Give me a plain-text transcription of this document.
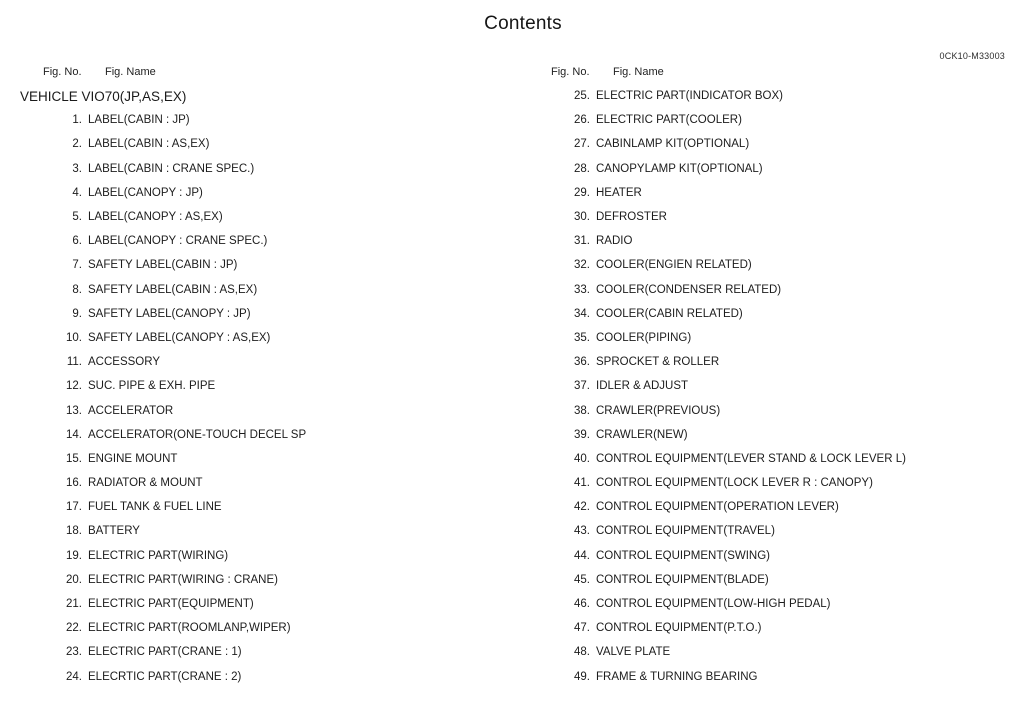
Contents
0CK10-M33003
Fig. No. Fig. Name	Fig. No. Fig. Name
VEHICLE VIO70(JP,AS,EX)
1. LABEL(CABIN : JP)
2. LABEL(CABIN : AS,EX)
3. LABEL(CABIN : CRANE SPEC.)
4. LABEL(CANOPY : JP)
5. LABEL(CANOPY : AS,EX)
6. LABEL(CANOPY : CRANE SPEC.)
7. SAFETY LABEL(CABIN : JP)
8. SAFETY LABEL(CABIN : AS,EX)
9. SAFETY LABEL(CANOPY : JP)
10. SAFETY LABEL(CANOPY : AS,EX)
11. ACCESSORY
12. SUC. PIPE & EXH. PIPE
13. ACCELERATOR
14. ACCELERATOR(ONE-TOUCH DECEL SP
15. ENGINE MOUNT
16. RADIATOR & MOUNT
17. FUEL TANK & FUEL LINE
18. BATTERY
19. ELECTRIC PART(WIRING)
20. ELECTRIC PART(WIRING : CRANE)
21. ELECTRIC PART(EQUIPMENT)
22. ELECTRIC PART(ROOMLANP,WIPER)
23. ELECTRIC PART(CRANE : 1)
24. ELECRTIC PART(CRANE : 2)
25. ELECTRIC PART(INDICATOR BOX)
26. ELECTRIC PART(COOLER)
27. CABINLAMP KIT(OPTIONAL)
28. CANOPYLAMP KIT(OPTIONAL)
29. HEATER
30. DEFROSTER
31. RADIO
32. COOLER(ENGIEN RELATED)
33. COOLER(CONDENSER RELATED)
34. COOLER(CABIN RELATED)
35. COOLER(PIPING)
36. SPROCKET & ROLLER
37. IDLER & ADJUST
38. CRAWLER(PREVIOUS)
39. CRAWLER(NEW)
40. CONTROL EQUIPMENT(LEVER STAND & LOCK LEVER L)
41. CONTROL EQUIPMENT(LOCK LEVER R : CANOPY)
42. CONTROL EQUIPMENT(OPERATION LEVER)
43. CONTROL EQUIPMENT(TRAVEL)
44. CONTROL EQUIPMENT(SWING)
45. CONTROL EQUIPMENT(BLADE)
46. CONTROL EQUIPMENT(LOW-HIGH PEDAL)
47. CONTROL EQUIPMENT(P.T.O.)
48. VALVE PLATE
49. FRAME & TURNING BEARING
